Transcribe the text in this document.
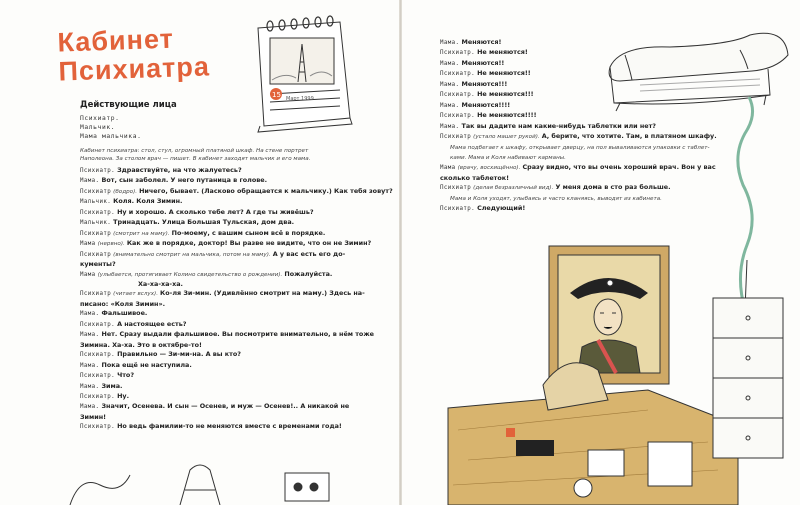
Кабинет
Психиатра
15 Март 1999
Действующие лица
Психиатр.
Мальчик.
Мама мальчика.
Кабинет психиатра: стол, стул, огромный платяной шкаф. На стене портрет Наполеона. За столом врач — пишет. В кабинет заходят мальчик и его мама.
Психиатр. Здравствуйте, на что жалуетесь?
Мама. Вот, сын заболел. У него путаница в голове.
Психиатр (бодро). Ничего, бывает. (Ласково обращается к мальчику.) Как тебя зовут?
Мальчик. Коля. Коля Зимин.
Психиатр. Ну и хорошо. А сколько тебе лет? А где ты живёшь?
Мальчик. Тринадцать. Улица Большая Тульская, дом два.
Психиатр (смотрит на маму). По-моему, с вашим сыном всё в порядке.
Мама (нервно). Как же в порядке, доктор! Вы разве не видите, что он не Зимин?
Психиатр (внимательно смотрит на мальчика, потом на маму). А у вас есть его до-
кументы?
Мама (улыбается, протягивает Колино свидетельство о рождении). Пожалуйста.
Ха-ха-ха-ха.
Психиатр (читает вслух). Ко-ля Зи-мин. (Удивлённо смотрит на маму.) Здесь на-
писано: «Коля Зимин».
Мама. Фальшивое.
Психиатр. А настоящее есть?
Мама. Нет. Сразу выдали фальшивое. Вы посмотрите внимательно, в нём тоже
Зимина. Ха-ха. Это в октябре-то!
Психиатр. Правильно — Зи-ми-на. А вы кто?
Мама. Пока ещё не наступила.
Психиатр. Что?
Мама. Зима.
Психиатр. Ну.
Мама. Значит, Осенева. И сын — Осенев, и муж — Осенев!.. А никакой не
Зимин!
Психиатр. Но ведь фамилии-то не меняются вместе с временами года!
Мама. Меняются!
Психиатр. Не меняются!
Мама. Меняются!!
Психиатр. Не меняются!!
Мама. Меняются!!!
Психиатр. Не меняются!!!
Мама. Меняются!!!!
Психиатр. Не меняются!!!!
Мама. Так вы дадите нам какие-нибудь таблетки или нет?
Психиатр (устало машет рукой). А, берите, что хотите. Там, в платяном шкафу.
Мама подбегает к шкафу, открывает дверцу, на пол вываливаются упаковки с таблет-
ками. Мама и Коля набивают карманы.
Мама (врачу, восхищённо). Сразу видно, что вы очень хороший врач. Вон у вас
сколько таблеток!
Психиатр (делая безразличный вид). У меня дома в сто раз больше.
Мама и Коля уходят, улыбаясь и часто кланяясь, выводят из кабинета.
Психиатр. Следующий!
